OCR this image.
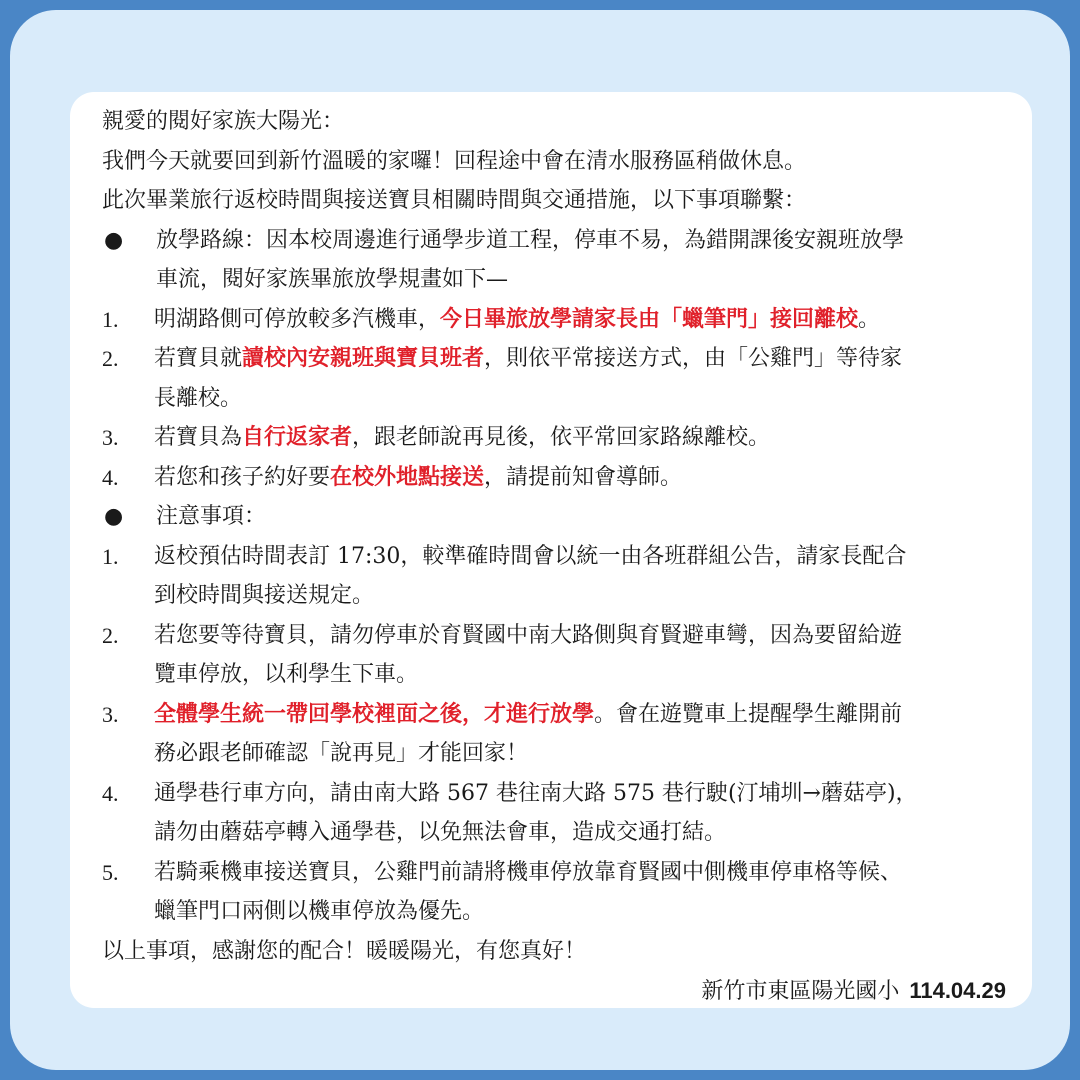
親愛的閱好家族大陽光：
我們今天就要回到新竹溫暖的家囉！回程途中會在清水服務區稍做休息。
此次畢業旅行返校時間與接送寶貝相關時間與交通措施，以下事項聯繫：
●	放學路線：因本校周邊進行通學步道工程，停車不易，為錯開課後安親班放學
車流，閱好家族畢旅放學規畫如下—
1.	明湖路側可停放較多汽機車，今日畢旅放學請家長由「蠟筆門」接回離校。
2.	若寶貝就讀校內安親班與寶貝班者，則依平常接送方式，由「公雞門」等待家
長離校。
3.	若寶貝為自行返家者，跟老師說再見後，依平常回家路線離校。
4.	若您和孩子約好要在校外地點接送，請提前知會導師。
●	注意事項：
1.	返校預估時間表訂 17:30，較準確時間會以統一由各班群組公告，請家長配合
到校時間與接送規定。
2.	若您要等待寶貝，請勿停車於育賢國中南大路側與育賢避車彎，因為要留給遊
覽車停放，以利學生下車。
3.	全體學生統一帶回學校裡面之後，才進行放學。會在遊覽車上提醒學生離開前
務必跟老師確認「說再見」才能回家！
4.	通學巷行車方向，請由南大路 567 巷往南大路 575 巷行駛(汀埔圳→蘑菇亭)，
請勿由蘑菇亭轉入通學巷，以免無法會車，造成交通打結。
5.	若騎乘機車接送寶貝，公雞門前請將機車停放靠育賢國中側機車停車格等候、
蠟筆門口兩側以機車停放為優先。
以上事項，感謝您的配合！暖暖陽光，有您真好！
新竹市東區陽光國小 114.04.29
